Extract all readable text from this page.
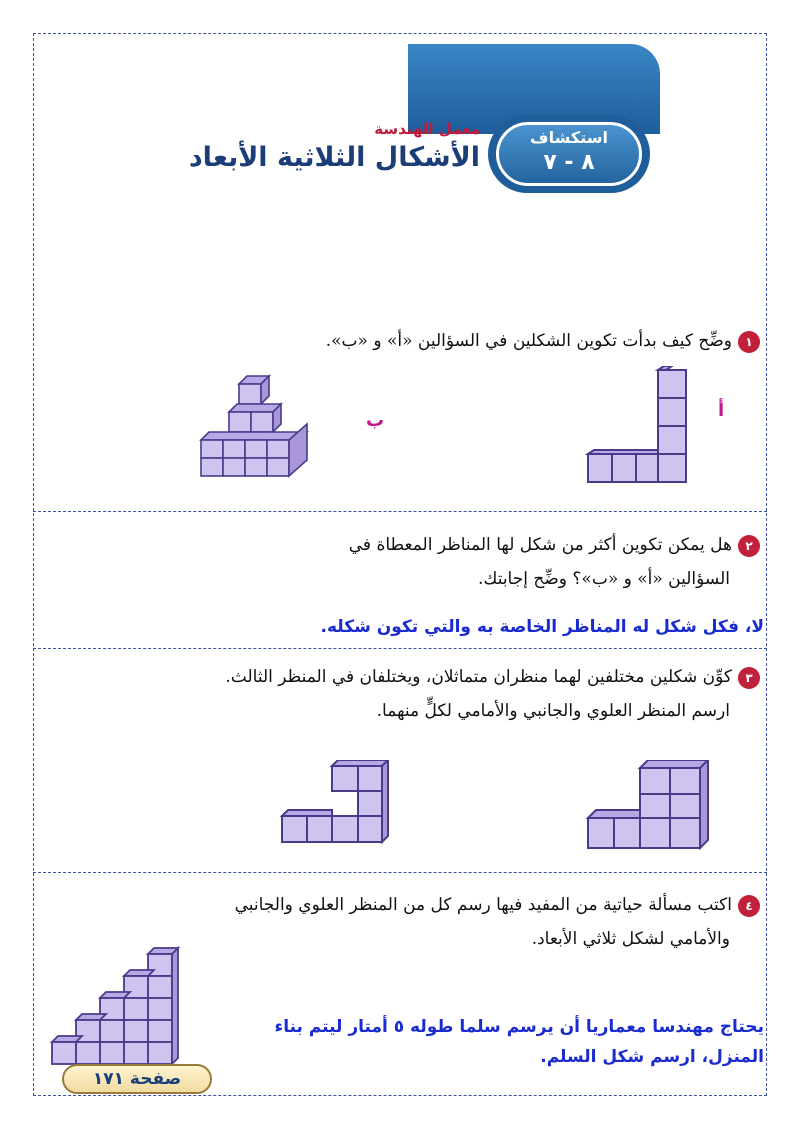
استكشاف
٨ - ٧
معمل الهندسة
الأشكال الثلاثية الأبعاد
١وضِّح كيف بدأت تكوين الشكلين في السؤالين «أ» و «ب».
أ
ب
٢هل يمكن تكوين أكثر من شكل لها المناظر المعطاة في
السؤالين «أ» و «ب»؟ وضِّح إجابتك.
لا، فكل شكل له المناظر الخاصة به والتي تكون شكله.
٣كوِّن شكلين مختلفين لهما منظران متماثلان، ويختلفان في المنظر الثالث.
ارسم المنظر العلوي والجانبي والأمامي لكلٍّ منهما.
٤اكتب مسألة حياتية من المفيد فيها رسم كل من المنظر العلوي والجانبي
والأمامي لشكل ثلاثي الأبعاد.
يحتاج مهندسا معماريا أن يرسم سلما طوله ٥ أمتار ليتم بناء
المنزل، ارسم شكل السلم.
صفحة ١٧١
